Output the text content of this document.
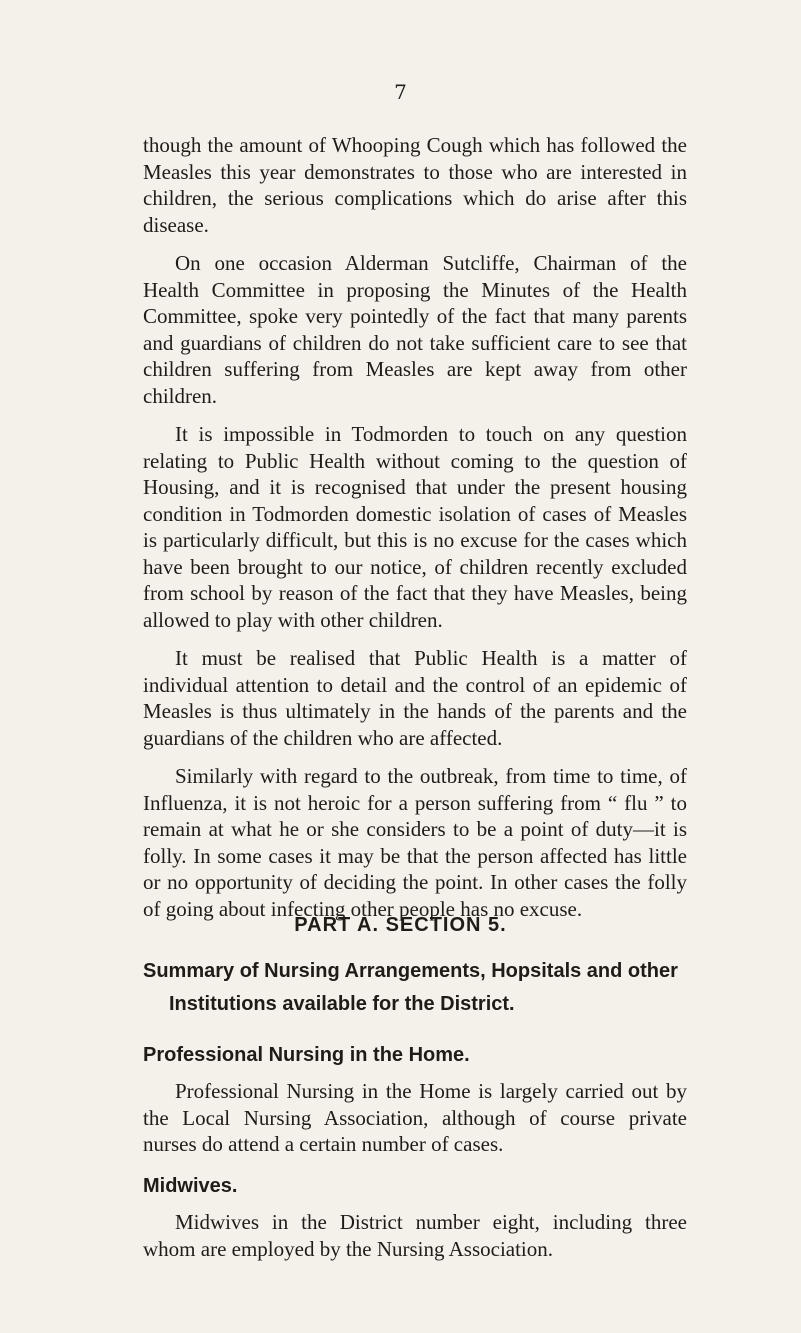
7

though the amount of Whooping Cough which has followed the Measles this year demonstrates to those who are interested in children, the serious complications which do arise after this disease.

On one occasion Alderman Sutcliffe, Chairman of the Health Committee in proposing the Minutes of the Health Committee, spoke very pointedly of the fact that many parents and guardians of children do not take sufficient care to see that children suffering from Measles are kept away from other children.

It is impossible in Todmorden to touch on any question relating to Public Health without coming to the question of Housing, and it is recognised that under the present housing condition in Todmorden domestic isolation of cases of Measles is particularly difficult, but this is no excuse for the cases which have been brought to our notice, of children recently excluded from school by reason of the fact that they have Measles, being allowed to play with other children.

It must be realised that Public Health is a matter of individual attention to detail and the control of an epidemic of Measles is thus ultimately in the hands of the parents and the guardians of the children who are affected.

Similarly with regard to the outbreak, from time to time, of Influenza, it is not heroic for a person suffering from “ flu ” to remain at what he or she considers to be a point of duty—it is folly. In some cases it may be that the person affected has little or no opportunity of deciding the point. In other cases the folly of going about infecting other people has no excuse.

PART A. SECTION 5.
Summary of Nursing Arrangements, Hopsitals and other
Institutions available for the District.
Professional Nursing in the Home.
Professional Nursing in the Home is largely carried out by the Local Nursing Association, although of course private nurses do attend a certain number of cases.
Midwives.
Midwives in the District number eight, including three whom are employed by the Nursing Association.
